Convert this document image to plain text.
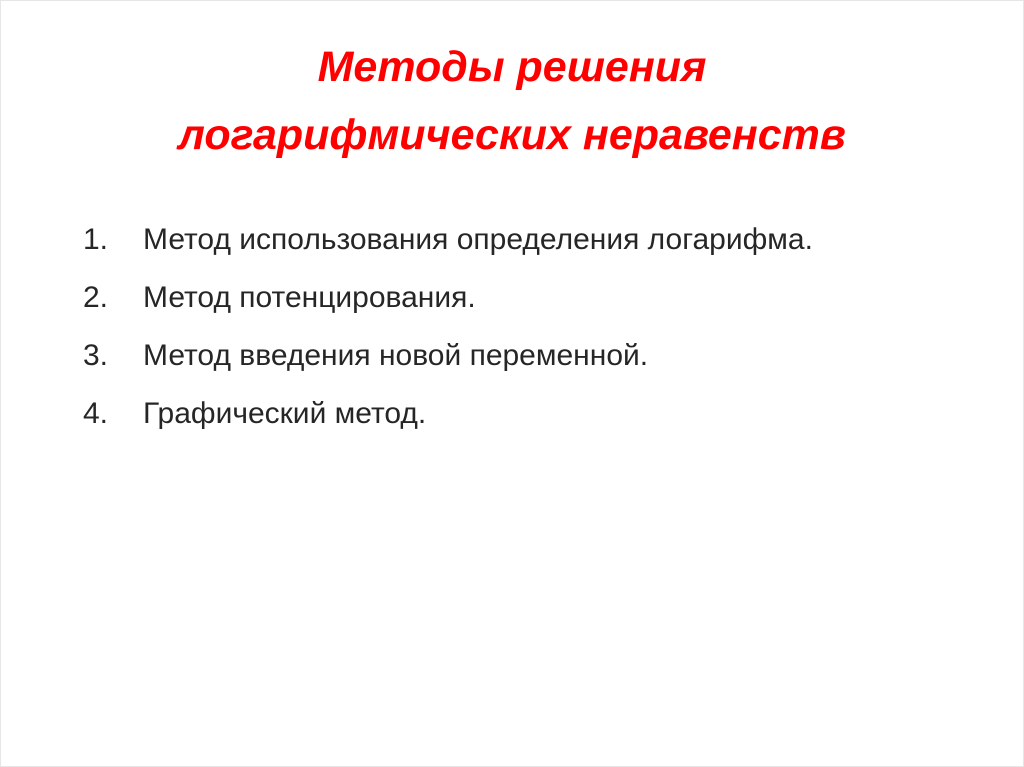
Методы решения
логарифмических неравенств
1.	Метод использования определения логарифма.
2.	Метод потенцирования.
3.	Метод введения новой переменной.
4.	Графический метод.
